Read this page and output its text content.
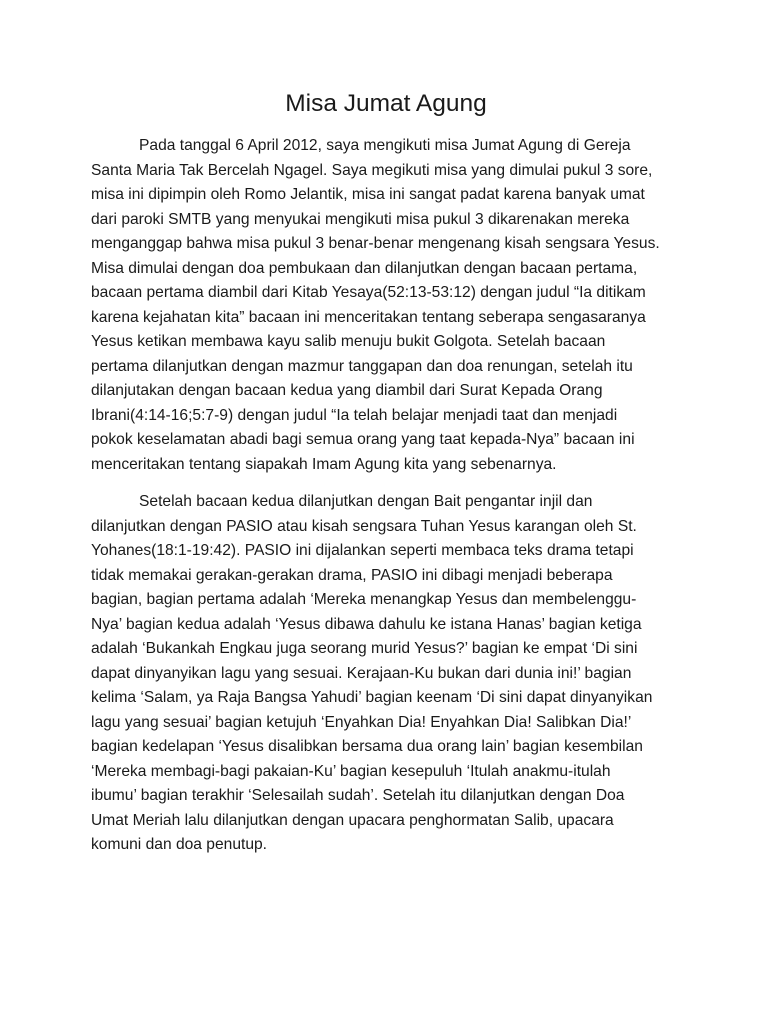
Misa Jumat Agung
Pada tanggal 6 April 2012, saya mengikuti misa Jumat Agung di Gereja
Santa Maria Tak Bercelah Ngagel. Saya megikuti misa yang dimulai pukul 3 sore,
misa ini dipimpin oleh Romo Jelantik, misa ini sangat padat karena banyak umat
dari paroki SMTB yang menyukai mengikuti misa pukul 3 dikarenakan mereka
menganggap bahwa misa pukul 3 benar-benar mengenang kisah sengsara Yesus.
Misa dimulai dengan doa pembukaan dan dilanjutkan dengan bacaan pertama,
bacaan pertama diambil dari Kitab Yesaya(52:13-53:12) dengan judul “Ia ditikam
karena kejahatan kita” bacaan ini menceritakan tentang seberapa sengasaranya
Yesus ketikan membawa kayu salib menuju bukit Golgota. Setelah bacaan
pertama dilanjutkan dengan mazmur tanggapan dan doa renungan, setelah itu
dilanjutakan dengan bacaan kedua yang diambil dari Surat Kepada Orang
Ibrani(4:14-16;5:7-9) dengan judul “Ia telah belajar menjadi taat dan menjadi
pokok keselamatan abadi bagi semua orang yang taat kepada-Nya” bacaan ini
menceritakan tentang siapakah Imam Agung kita yang sebenarnya.
Setelah bacaan kedua dilanjutkan dengan Bait pengantar injil dan
dilanjutkan dengan PASIO atau kisah sengsara Tuhan Yesus karangan oleh St.
Yohanes(18:1-19:42). PASIO ini dijalankan seperti membaca teks drama tetapi
tidak memakai gerakan-gerakan drama, PASIO ini dibagi menjadi beberapa
bagian, bagian pertama adalah ‘Mereka menangkap Yesus dan membelenggu-
Nya’ bagian kedua adalah ‘Yesus dibawa dahulu ke istana Hanas’ bagian ketiga
adalah ‘Bukankah Engkau juga seorang murid Yesus?’ bagian ke empat ‘Di sini
dapat dinyanyikan lagu yang sesuai. Kerajaan-Ku bukan dari dunia ini!’ bagian
kelima ‘Salam, ya Raja Bangsa Yahudi’ bagian keenam ‘Di sini dapat dinyanyikan
lagu yang sesuai’ bagian ketujuh ‘Enyahkan Dia! Enyahkan Dia! Salibkan Dia!’
bagian kedelapan ‘Yesus disalibkan bersama dua orang lain’ bagian kesembilan
‘Mereka membagi-bagi pakaian-Ku’ bagian kesepuluh ‘Itulah anakmu-itulah
ibumu’ bagian terakhir ‘Selesailah sudah’. Setelah itu dilanjutkan dengan Doa
Umat Meriah lalu dilanjutkan dengan upacara penghormatan Salib, upacara
komuni dan doa penutup.
